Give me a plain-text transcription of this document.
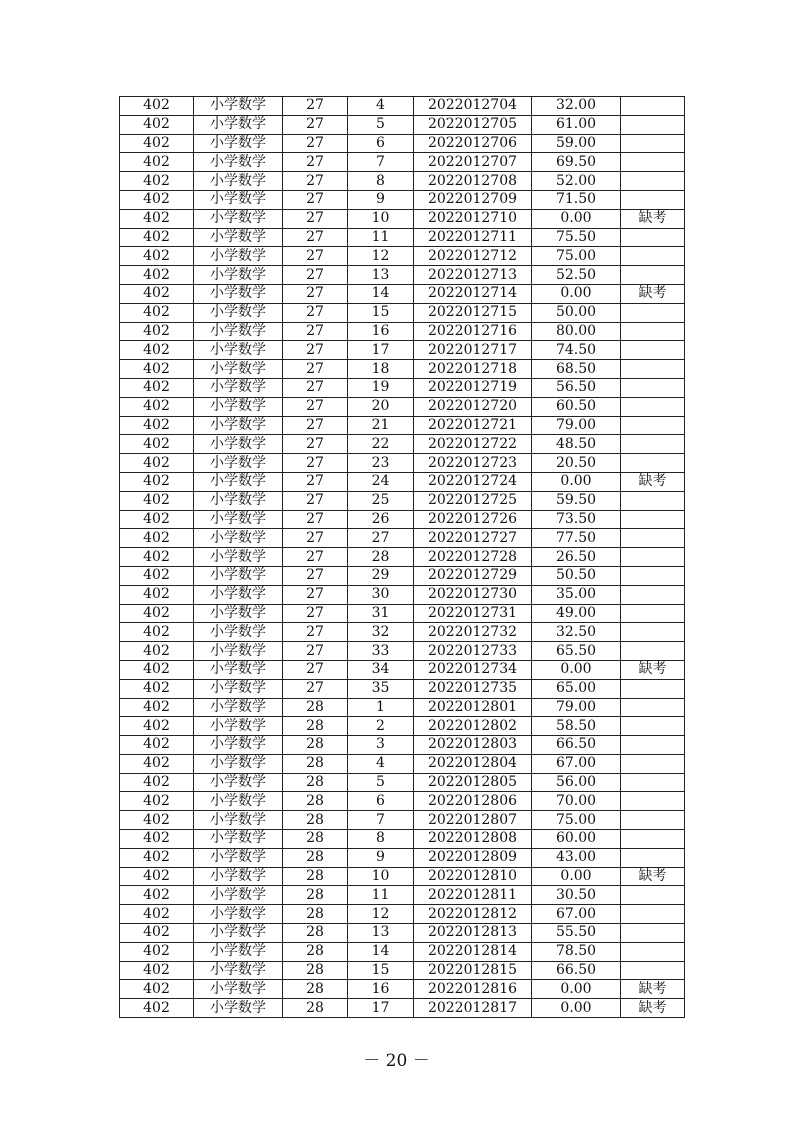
402	小学数学	27	4	2022012704	32.00	
402	小学数学	27	5	2022012705	61.00	
402	小学数学	27	6	2022012706	59.00	
402	小学数学	27	7	2022012707	69.50	
402	小学数学	27	8	2022012708	52.00	
402	小学数学	27	9	2022012709	71.50	
402	小学数学	27	10	2022012710	0.00	缺考
402	小学数学	27	11	2022012711	75.50	
402	小学数学	27	12	2022012712	75.00	
402	小学数学	27	13	2022012713	52.50	
402	小学数学	27	14	2022012714	0.00	缺考
402	小学数学	27	15	2022012715	50.00	
402	小学数学	27	16	2022012716	80.00	
402	小学数学	27	17	2022012717	74.50	
402	小学数学	27	18	2022012718	68.50	
402	小学数学	27	19	2022012719	56.50	
402	小学数学	27	20	2022012720	60.50	
402	小学数学	27	21	2022012721	79.00	
402	小学数学	27	22	2022012722	48.50	
402	小学数学	27	23	2022012723	20.50	
402	小学数学	27	24	2022012724	0.00	缺考
402	小学数学	27	25	2022012725	59.50	
402	小学数学	27	26	2022012726	73.50	
402	小学数学	27	27	2022012727	77.50	
402	小学数学	27	28	2022012728	26.50	
402	小学数学	27	29	2022012729	50.50	
402	小学数学	27	30	2022012730	35.00	
402	小学数学	27	31	2022012731	49.00	
402	小学数学	27	32	2022012732	32.50	
402	小学数学	27	33	2022012733	65.50	
402	小学数学	27	34	2022012734	0.00	缺考
402	小学数学	27	35	2022012735	65.00	
402	小学数学	28	1	2022012801	79.00	
402	小学数学	28	2	2022012802	58.50	
402	小学数学	28	3	2022012803	66.50	
402	小学数学	28	4	2022012804	67.00	
402	小学数学	28	5	2022012805	56.00	
402	小学数学	28	6	2022012806	70.00	
402	小学数学	28	7	2022012807	75.00	
402	小学数学	28	8	2022012808	60.00	
402	小学数学	28	9	2022012809	43.00	
402	小学数学	28	10	2022012810	0.00	缺考
402	小学数学	28	11	2022012811	30.50	
402	小学数学	28	12	2022012812	67.00	
402	小学数学	28	13	2022012813	55.50	
402	小学数学	28	14	2022012814	78.50	
402	小学数学	28	15	2022012815	66.50	
402	小学数学	28	16	2022012816	0.00	缺考
402	小学数学	28	17	2022012817	0.00	缺考
－ 20 －
